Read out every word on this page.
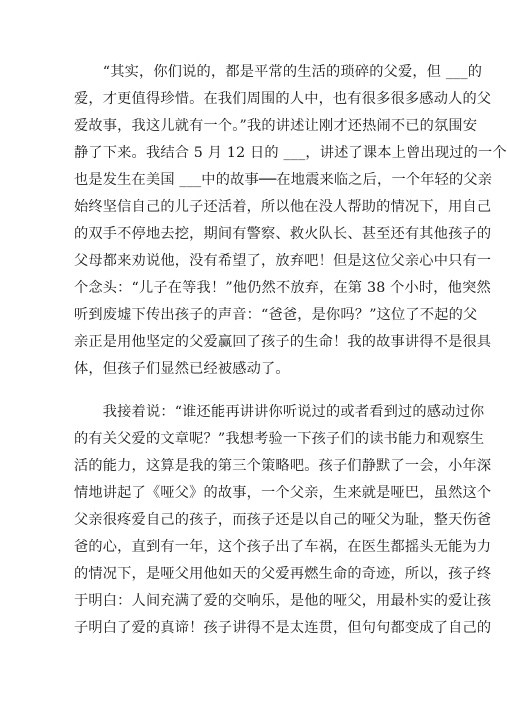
　　“其实，你们说的，都是平常的生活的琐碎的父爱，但 ___的
爱，才更值得珍惜。在我们周围的人中，也有很多很多感动人的父
爱故事，我这儿就有一个。”我的讲述让刚才还热闹不已的氛围安
静了下来。我结合 5 月 12 日的 ___，讲述了课本上曾出现过的一个
也是发生在美国 ___中的故事──在地震来临之后，一个年轻的父亲
始终坚信自己的儿子还活着，所以他在没人帮助的情况下，用自己
的双手不停地去挖，期间有警察、救火队长、甚至还有其他孩子的
父母都来劝说他，没有希望了，放弃吧！但是这位父亲心中只有一
个念头：“儿子在等我！”他仍然不放弃，在第 38 个小时，他突然
听到废墟下传出孩子的声音：“爸爸，是你吗？”这位了不起的父
亲正是用他坚定的父爱赢回了孩子的生命！我的故事讲得不是很具
体，但孩子们显然已经被感动了。
　　我接着说：“谁还能再讲讲你听说过的或者看到过的感动过你
的有关父爱的文章呢？”我想考验一下孩子们的读书能力和观察生
活的能力，这算是我的第三个策略吧。孩子们静默了一会，小年深
情地讲起了《哑父》的故事，一个父亲，生来就是哑巴，虽然这个
父亲很疼爱自己的孩子，而孩子还是以自己的哑父为耻，整天伤爸
爸的心，直到有一年，这个孩子出了车祸，在医生都摇头无能为力
的情况下，是哑父用他如天的父爱再燃生命的奇迹，所以，孩子终
于明白：人间充满了爱的交响乐，是他的哑父，用最朴实的爱让孩
子明白了爱的真谛！孩子讲得不是太连贯，但句句都变成了自己的
